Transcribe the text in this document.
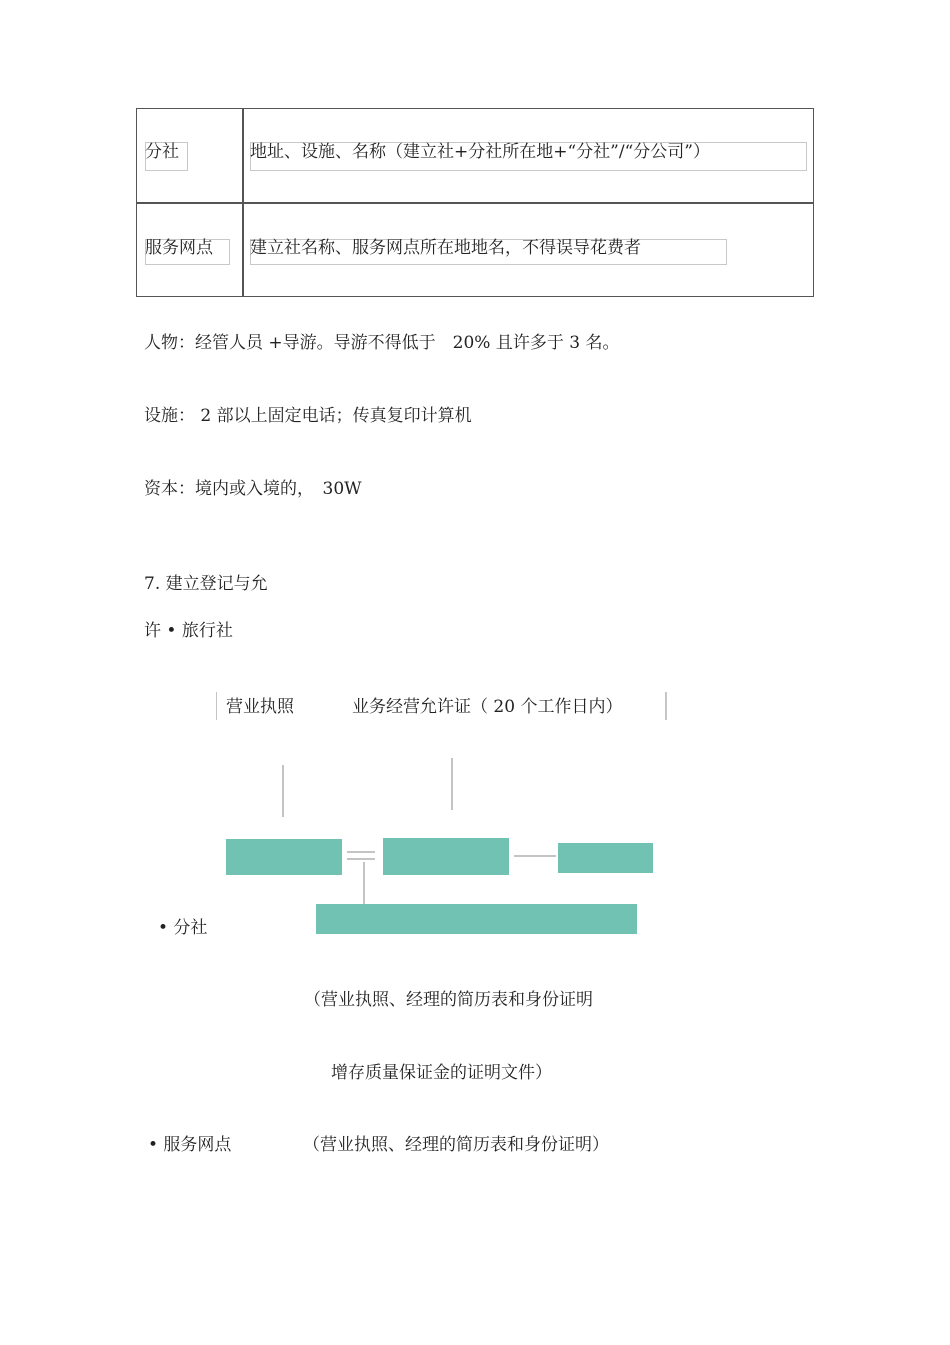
分社	地址、设施、名称（建立社+分社所在地+“分社”/“分公司”）
服务网点 建立社名称、服务网点所在地地名，不得误导花费者
人物：经管人员 +导游。导游不得低于　20% 且许多于 3 名。
设施： 2 部以上固定电话；传真复印计算机
资本：境内或入境的，　30W
7. 建立登记与允
许 • 旅行社
营业执照	业务经营允许证（ 20 个工作日内）
• 分社
（营业执照、经理的简历表和身份证明
增存质量保证金的证明文件）
• 服务网点	（营业执照、经理的简历表和身份证明）
